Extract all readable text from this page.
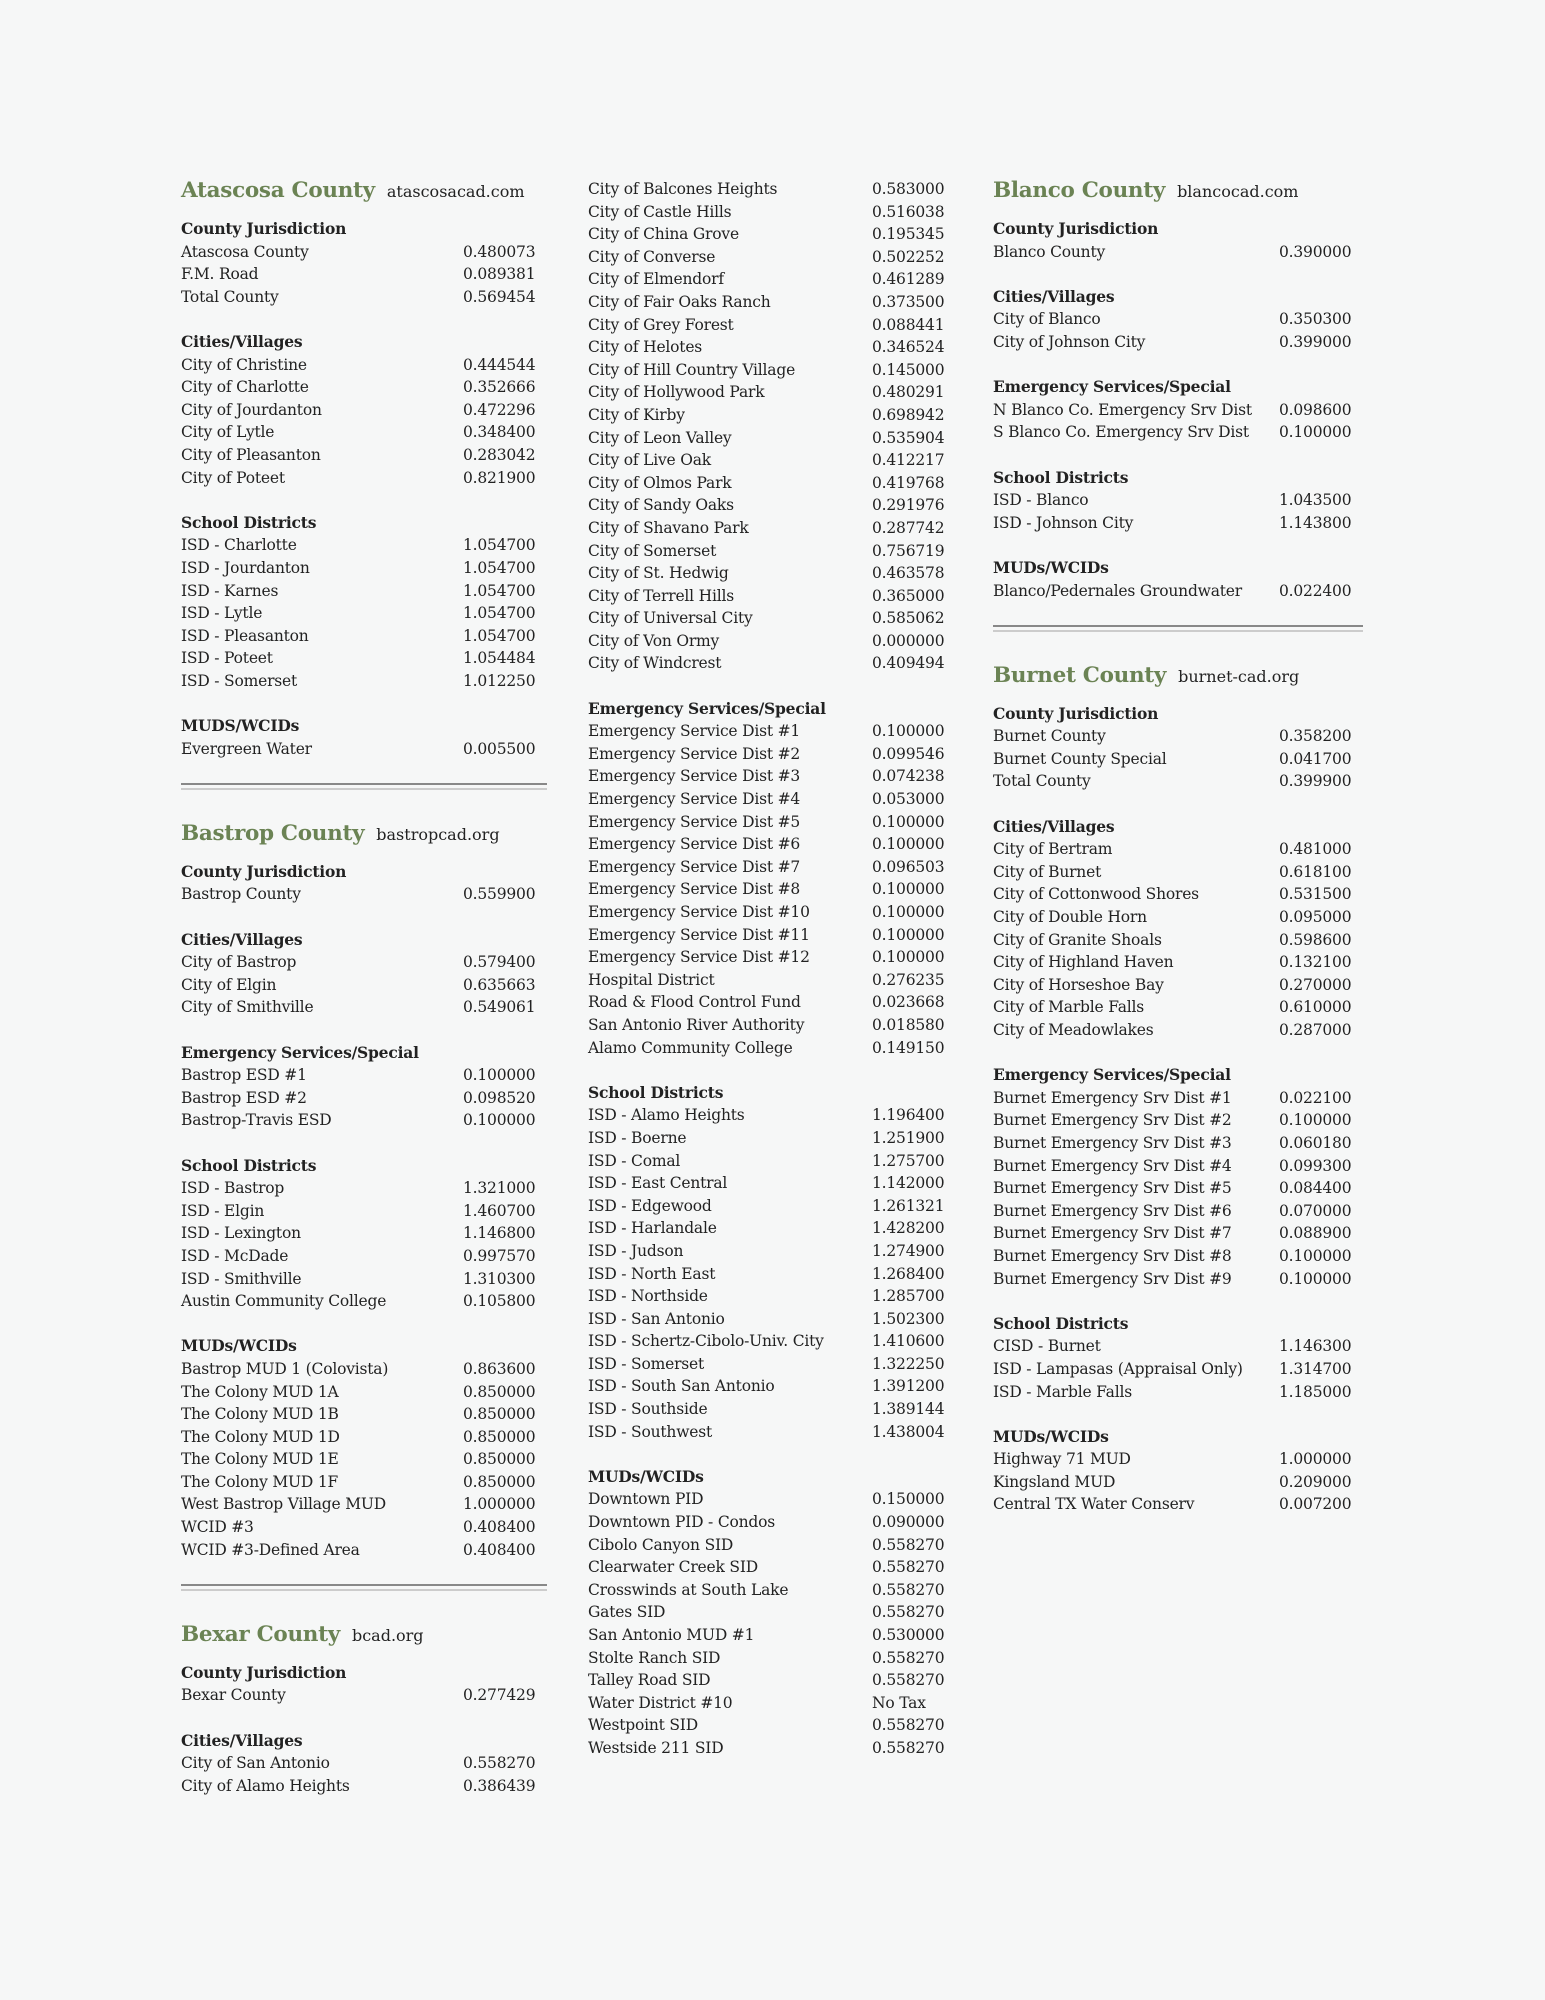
Atascosa County atascosacad.com
County Jurisdiction
Atascosa County	0.480073
F.M. Road	0.089381
Total County	0.569454
Cities/Villages
City of Christine	0.444544
City of Charlotte	0.352666
City of Jourdanton	0.472296
City of Lytle	0.348400
City of Pleasanton	0.283042
City of Poteet	0.821900
School Districts
ISD - Charlotte	1.054700
ISD - Jourdanton	1.054700
ISD - Karnes	1.054700
ISD - Lytle	1.054700
ISD - Pleasanton	1.054700
ISD - Poteet	1.054484
ISD - Somerset	1.012250
MUDS/WCIDs
Evergreen Water	0.005500
Bastrop County bastropcad.org
County Jurisdiction
Bastrop County	0.559900
Cities/Villages
City of Bastrop	0.579400
City of Elgin	0.635663
City of Smithville	0.549061
Emergency Services/Special
Bastrop ESD #1	0.100000
Bastrop ESD #2	0.098520
Bastrop-Travis ESD	0.100000
School Districts
ISD - Bastrop	1.321000
ISD - Elgin	1.460700
ISD - Lexington	1.146800
ISD - McDade	0.997570
ISD - Smithville	1.310300
Austin Community College	0.105800
MUDs/WCIDs
Bastrop MUD 1 (Colovista)	0.863600
The Colony MUD 1A	0.850000
The Colony MUD 1B	0.850000
The Colony MUD 1D	0.850000
The Colony MUD 1E	0.850000
The Colony MUD 1F	0.850000
West Bastrop Village MUD	1.000000
WCID #3	0.408400
WCID #3-Defined Area	0.408400
Bexar County bcad.org
County Jurisdiction
Bexar County	0.277429
Cities/Villages
City of San Antonio	0.558270
City of Alamo Heights	0.386439
City of Balcones Heights	0.583000
City of Castle Hills	0.516038
City of China Grove	0.195345
City of Converse	0.502252
City of Elmendorf	0.461289
City of Fair Oaks Ranch	0.373500
City of Grey Forest	0.088441
City of Helotes	0.346524
City of Hill Country Village	0.145000
City of Hollywood Park	0.480291
City of Kirby	0.698942
City of Leon Valley	0.535904
City of Live Oak	0.412217
City of Olmos Park	0.419768
City of Sandy Oaks	0.291976
City of Shavano Park	0.287742
City of Somerset	0.756719
City of St. Hedwig	0.463578
City of Terrell Hills	0.365000
City of Universal City	0.585062
City of Von Ormy	0.000000
City of Windcrest	0.409494
Emergency Services/Special
Emergency Service Dist #1	0.100000
Emergency Service Dist #2	0.099546
Emergency Service Dist #3	0.074238
Emergency Service Dist #4	0.053000
Emergency Service Dist #5	0.100000
Emergency Service Dist #6	0.100000
Emergency Service Dist #7	0.096503
Emergency Service Dist #8	0.100000
Emergency Service Dist #10	0.100000
Emergency Service Dist #11	0.100000
Emergency Service Dist #12	0.100000
Hospital District	0.276235
Road & Flood Control Fund	0.023668
San Antonio River Authority	0.018580
Alamo Community College	0.149150
School Districts
ISD - Alamo Heights	1.196400
ISD - Boerne	1.251900
ISD - Comal	1.275700
ISD - East Central	1.142000
ISD - Edgewood	1.261321
ISD - Harlandale	1.428200
ISD - Judson	1.274900
ISD - North East	1.268400
ISD - Northside	1.285700
ISD - San Antonio	1.502300
ISD - Schertz-Cibolo-Univ. City	1.410600
ISD - Somerset	1.322250
ISD - South San Antonio	1.391200
ISD - Southside	1.389144
ISD - Southwest	1.438004
MUDs/WCIDs
Downtown PID	0.150000
Downtown PID - Condos	0.090000
Cibolo Canyon SID	0.558270
Clearwater Creek SID	0.558270
Crosswinds at South Lake	0.558270
Gates SID	0.558270
San Antonio MUD #1	0.530000
Stolte Ranch SID	0.558270
Talley Road SID	0.558270
Water District #10	No Tax
Westpoint SID	0.558270
Westside 211 SID	0.558270
Blanco County blancocad.com
County Jurisdiction
Blanco County	0.390000
Cities/Villages
City of Blanco	0.350300
City of Johnson City	0.399000
Emergency Services/Special
N Blanco Co. Emergency Srv Dist	0.098600
S Blanco Co. Emergency Srv Dist	0.100000
School Districts
ISD - Blanco	1.043500
ISD - Johnson City	1.143800
MUDs/WCIDs
Blanco/Pedernales Groundwater	0.022400
Burnet County burnet-cad.org
County Jurisdiction
Burnet County	0.358200
Burnet County Special	0.041700
Total County	0.399900
Cities/Villages
City of Bertram	0.481000
City of Burnet	0.618100
City of Cottonwood Shores	0.531500
City of Double Horn	0.095000
City of Granite Shoals	0.598600
City of Highland Haven	0.132100
City of Horseshoe Bay	0.270000
City of Marble Falls	0.610000
City of Meadowlakes	0.287000
Emergency Services/Special
Burnet Emergency Srv Dist #1	0.022100
Burnet Emergency Srv Dist #2	0.100000
Burnet Emergency Srv Dist #3	0.060180
Burnet Emergency Srv Dist #4	0.099300
Burnet Emergency Srv Dist #5	0.084400
Burnet Emergency Srv Dist #6	0.070000
Burnet Emergency Srv Dist #7	0.088900
Burnet Emergency Srv Dist #8	0.100000
Burnet Emergency Srv Dist #9	0.100000
School Districts
CISD - Burnet	1.146300
ISD - Lampasas (Appraisal Only)	1.314700
ISD - Marble Falls	1.185000
MUDs/WCIDs
Highway 71 MUD	1.000000
Kingsland MUD	0.209000
Central TX Water Conserv	0.007200
